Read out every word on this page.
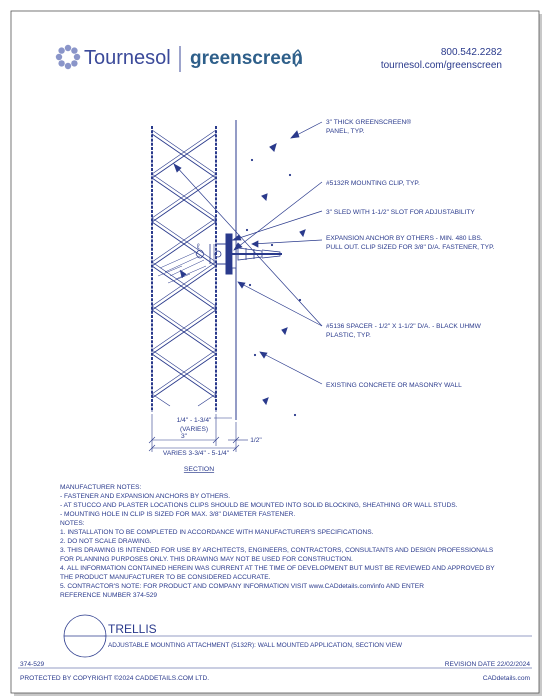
Tournesol greenscreen	800.542.2282
tournesol.com/greenscreen
ℓ
3" THICK GREENSCREEN®
PANEL, TYP.
#5132R MOUNTING CLIP, TYP.
3" SLED WITH 1-1/2" SLOT FOR ADJUSTABILITY
EXPANSION ANCHOR BY OTHERS - MIN. 480 LBS.
PULL OUT. CLIP SIZED FOR 3/8" D/A. FASTENER, TYP.
#5136 SPACER - 1/2" X 1-1/2" D/A. - BLACK UHMW
PLASTIC, TYP.
EXISTING CONCRETE OR MASONRY WALL
1/4" - 1-3/4"
(VARIES)
3"
1/2"
VARIES 3-3/4" - 5-1/4"
SECTION
TRELLIS
ADJUSTABLE MOUNTING ATTACHMENT (5132R): WALL MOUNTED APPLICATION, SECTION VIEW
374-529	REVISION DATE 22/02/2024
PROTECTED BY COPYRIGHT ©2024 CADDETAILS.COM LTD.	CADdetails.com
MANUFACTURER NOTES:
- FASTENER AND EXPANSION ANCHORS BY OTHERS.
- AT STUCCO AND PLASTER LOCATIONS CLIPS SHOULD BE MOUNTED INTO SOLID BLOCKING, SHEATHING OR WALL STUDS.
- MOUNTING HOLE IN CLIP IS SIZED FOR MAX. 3/8" DIAMETER FASTENER.
NOTES:
1. INSTALLATION TO BE COMPLETED IN ACCORDANCE WITH MANUFACTURER'S SPECIFICATIONS.
2. DO NOT SCALE DRAWING.
3. THIS DRAWING IS INTENDED FOR USE BY ARCHITECTS, ENGINEERS, CONTRACTORS, CONSULTANTS AND DESIGN PROFESSIONALS
FOR PLANNING PURPOSES ONLY. THIS DRAWING MAY NOT BE USED FOR CONSTRUCTION.
4. ALL INFORMATION CONTAINED HEREIN WAS CURRENT AT THE TIME OF DEVELOPMENT BUT MUST BE REVIEWED AND APPROVED BY
THE PRODUCT MANUFACTURER TO BE CONSIDERED ACCURATE.
5. CONTRACTOR'S NOTE: FOR PRODUCT AND COMPANY INFORMATION VISIT www.CADdetails.com/info AND ENTER
REFERENCE NUMBER 374-529
